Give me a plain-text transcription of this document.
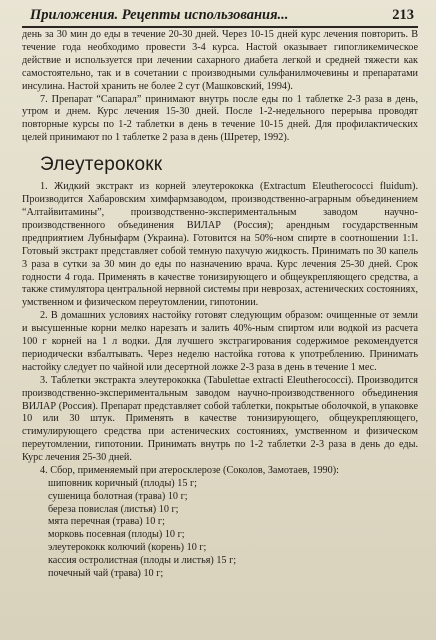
Приложения. Рецепты использования...	213

день за 30 мин до еды в течение 20-30 дней. Через 10-15 дней курс лечения повторить. В течение года необходимо провести 3-4 курса. Настой оказывает гипогликемическое действие и используется при лечении сахарного диабета легкой и средней тяжести как самостоятельно, так и в сочетании с производными сульфанилмочевины и препаратами инсулина. Настой хранить не более 2 сут (Машковский, 1994).

7. Препарат “Сапарал” принимают внутрь после еды по 1 таблетке 2-3 раза в день, утром и днем. Курс лечения 15-30 дней. После 1-2-недельного перерыва проводят повторные курсы по 1-2 таблетки в день в течение 10-15 дней. Для профилактических целей принимают по 1 таблетке 2 раза в день (Шретер, 1992).

Элеутерококк

1. Жидкий экстракт из корней элеутерококка (Extractum Eleutherococci fluidum). Производится Хабаровским химфармзаводом, производственно-аграрным объединением “Алтайвитамины”, производственно-экспериментальным заводом научно-производственного объединения ВИЛАР (Россия); арендным государственным предприятием Лубныфарм (Украина). Готовится на 50%-ном спирте в соотношении 1:1. Готовый экстракт представляет собой темную пахучую жидкость. Принимать по 30 капель 3 раза в сутки за 30 мин до еды по назначению врача. Курс лечения 25-30 дней. Срок годности 4 года. Применять в качестве тонизирующего и общеукрепляющего средства, а также стимулятора центральной нервной системы при неврозах, астенических состояниях, умственном и физическом переутомлении, гипотонии.

2. В домашних условиях настойку готовят следующим образом: очищенные от земли и высушенные корни мелко нарезать и залить 40%-ным спиртом или водкой из расчета 100 г корней на 1 л водки. Для лучшего экстрагирования содержимое рекомендуется периодически взбалтывать. Через неделю настойка готова к употреблению. Принимать настойку следует по чайной или десертной ложке 2-3 раза в день в течение 1 мес.

3. Таблетки экстракта элеутерококка (Tabulettae extracti Eleutherococci). Производится производственно-экспериментальным заводом научно-производственного объединения ВИЛАР (Россия). Препарат представляет собой таблетки, покрытые оболочкой, в упаковке 10 или 30 штук. Применять в качестве тонизирующего, общеукрепляющего, стимулирующего средства при астенических состояниях, умственном и физическом переутомлении, гипотонии. Принимать внутрь по 1-2 таблетки 2-3 раза в день до еды. Курс лечения 25-30 дней.

4. Сбор, применяемый при атеросклерозе (Соколов, Замотаев, 1990):

шиповник коричный (плоды) 15 г;
сушеница болотная (трава) 10 г;
береза повислая (листья) 10 г;
мята перечная (трава) 10 г;
морковь посевная (плоды) 10 г;
элеутерококк колючий (корень) 10 г;
кассия остролистная (плоды и листья) 15 г;
почечный чай (трава) 10 г;
